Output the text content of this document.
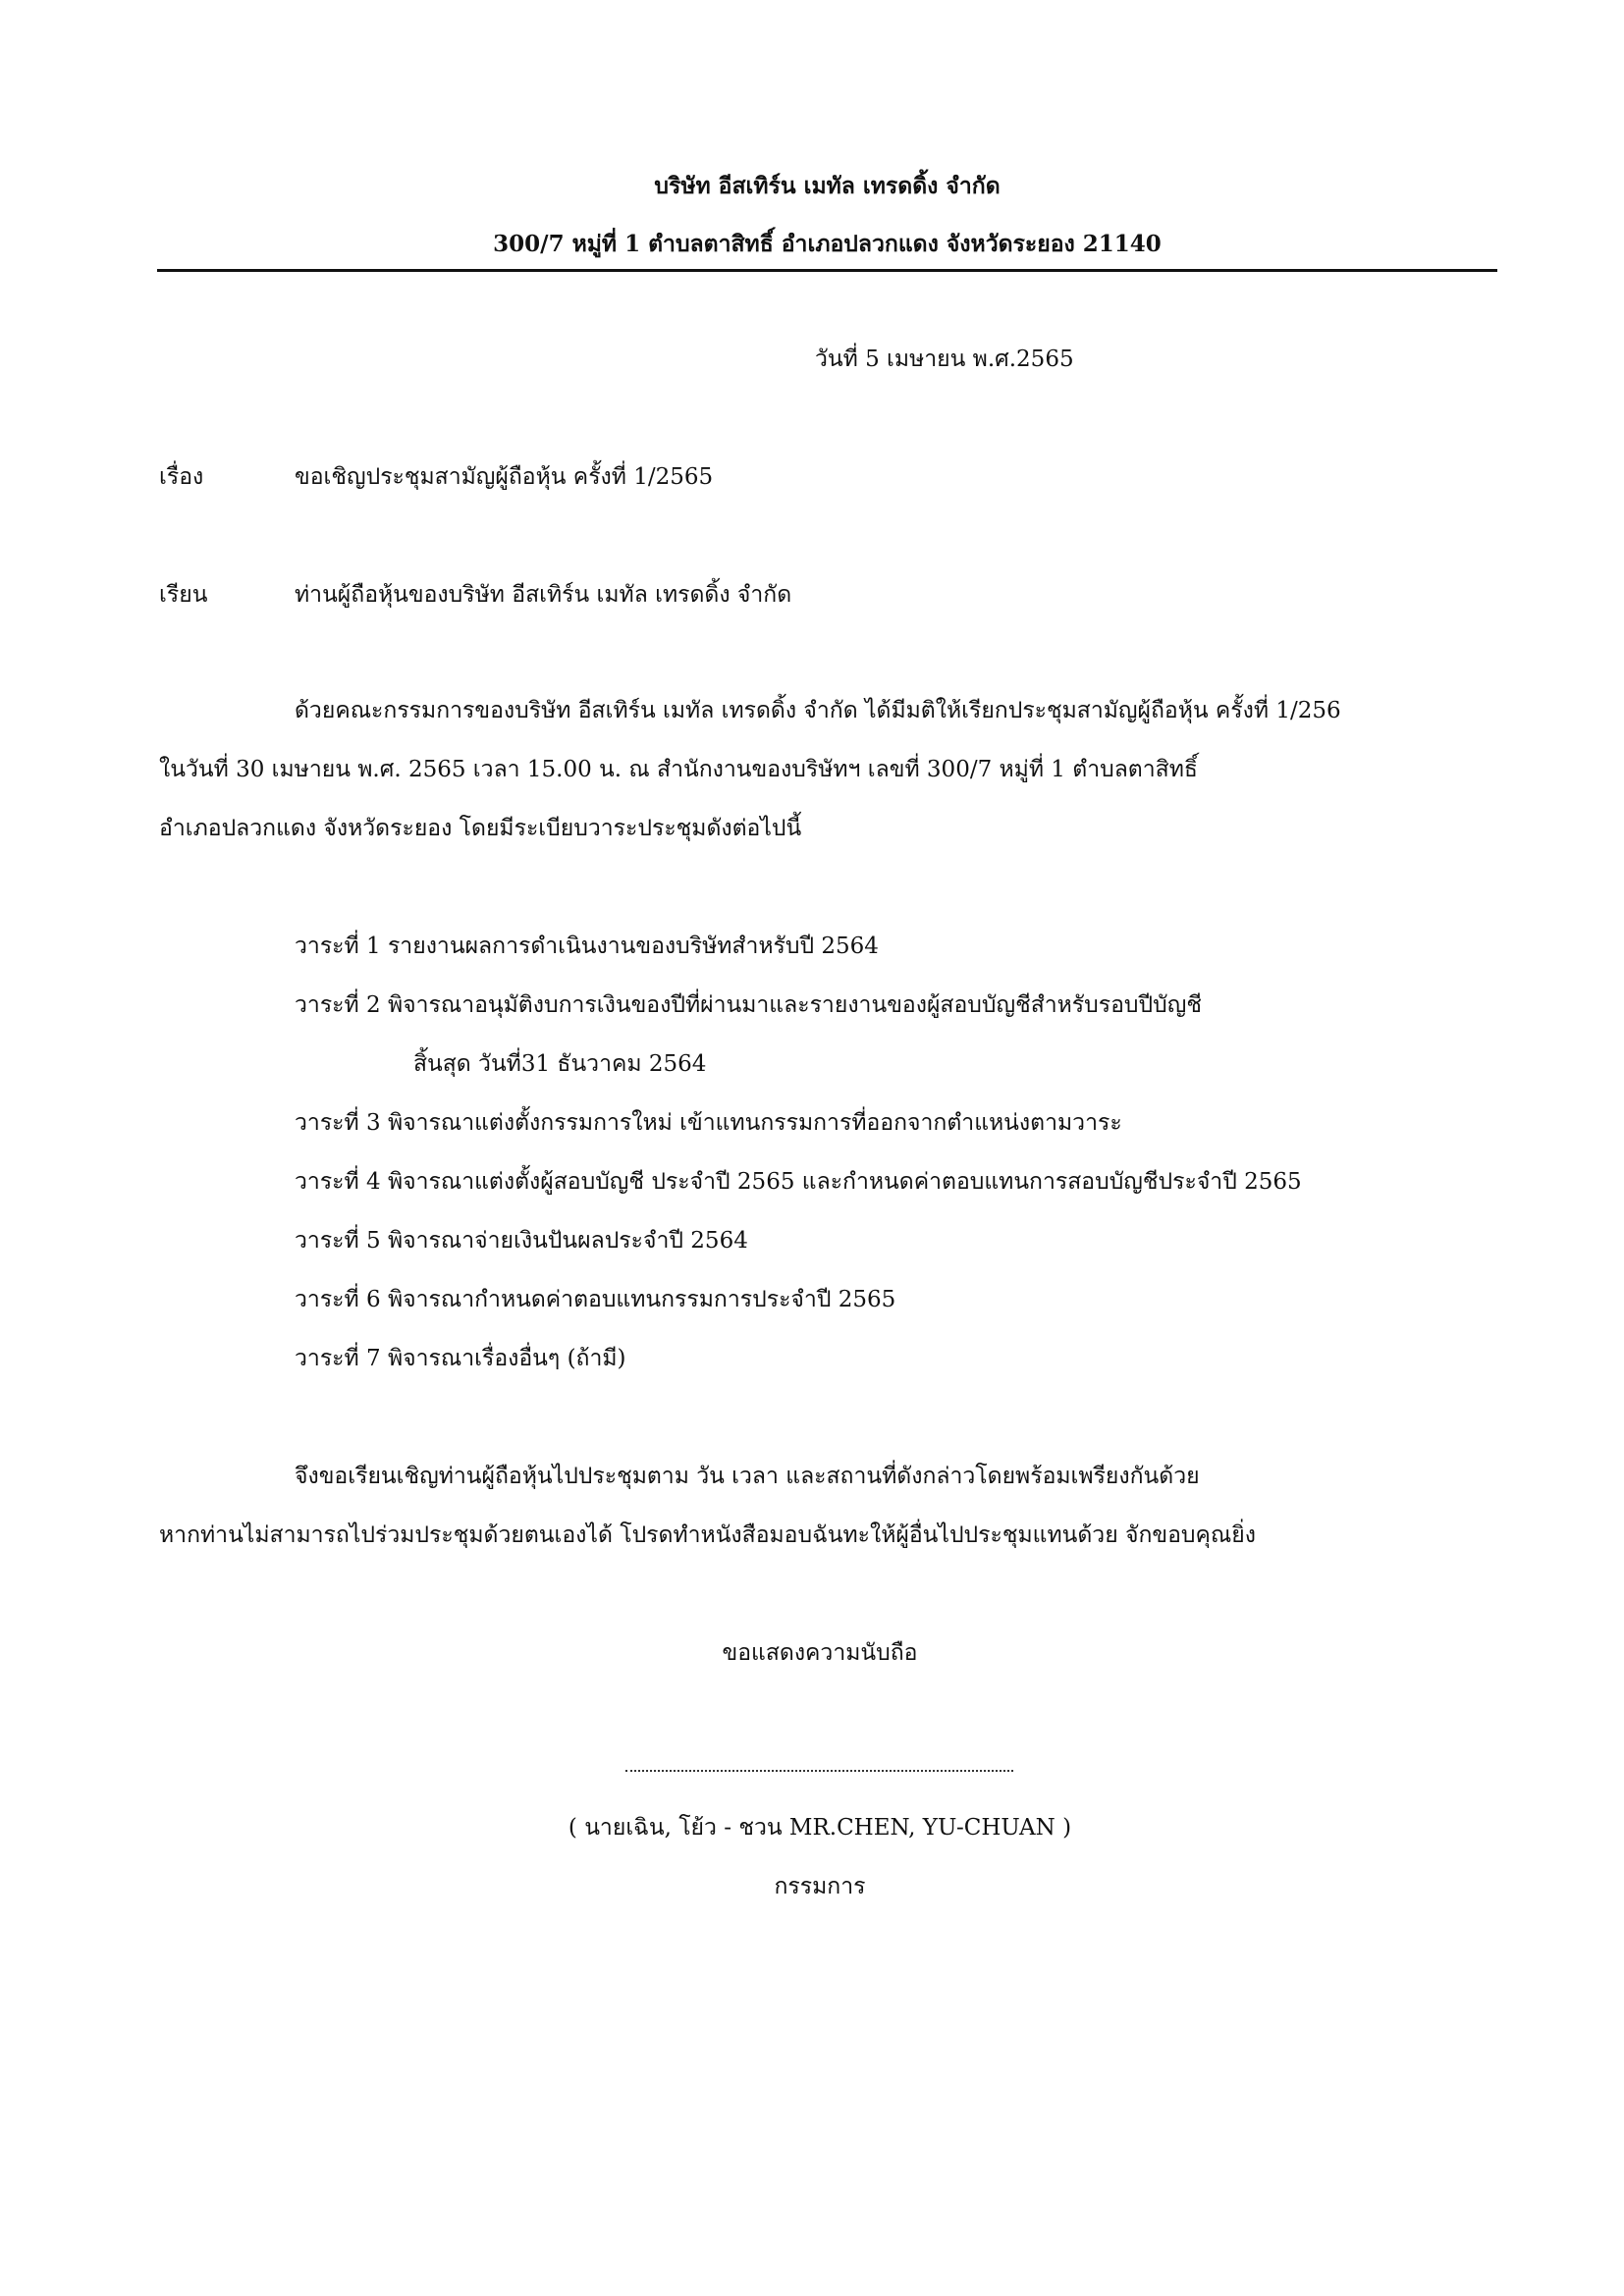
บริษัท อีสเทิร์น เมทัล เทรดดิ้ง จำกัด
300/7 หมู่ที่ 1 ตำบลตาสิทธิ์ อำเภอปลวกแดง จังหวัดระยอง 21140
วันที่ 5 เมษายน พ.ศ.2565
เรื่อง	ขอเชิญประชุมสามัญผู้ถือหุ้น ครั้งที่ 1/2565
เรียน	ท่านผู้ถือหุ้นของบริษัท อีสเทิร์น เมทัล เทรดดิ้ง จำกัด
ด้วยคณะกรรมการของบริษัท อีสเทิร์น เมทัล เทรดดิ้ง จำกัด ได้มีมติให้เรียกประชุมสามัญผู้ถือหุ้น ครั้งที่ 1/256
ในวันที่ 30 เมษายน พ.ศ. 2565 เวลา 15.00 น. ณ สำนักงานของบริษัทฯ เลขที่ 300/7 หมู่ที่ 1 ตำบลตาสิทธิ์
อำเภอปลวกแดง จังหวัดระยอง โดยมีระเบียบวาระประชุมดังต่อไปนี้
วาระที่ 1 รายงานผลการดำเนินงานของบริษัทสำหรับปี 2564
วาระที่ 2 พิจารณาอนุมัติงบการเงินของปีที่ผ่านมาและรายงานของผู้สอบบัญชีสำหรับรอบปีบัญชี
สิ้นสุด วันที่31 ธันวาคม 2564
วาระที่ 3 พิจารณาแต่งตั้งกรรมการใหม่ เข้าแทนกรรมการที่ออกจากตำแหน่งตามวาระ
วาระที่ 4 พิจารณาแต่งตั้งผู้สอบบัญชี ประจำปี 2565 และกำหนดค่าตอบแทนการสอบบัญชีประจำปี 2565
วาระที่ 5 พิจารณาจ่ายเงินปันผลประจำปี 2564
วาระที่ 6 พิจารณากำหนดค่าตอบแทนกรรมการประจำปี 2565
วาระที่ 7 พิจารณาเรื่องอื่นๆ (ถ้ามี)
จึงขอเรียนเชิญท่านผู้ถือหุ้นไปประชุมตาม วัน เวลา และสถานที่ดังกล่าวโดยพร้อมเพรียงกันด้วย
หากท่านไม่สามารถไปร่วมประชุมด้วยตนเองได้ โปรดทำหนังสือมอบฉันทะให้ผู้อื่นไปประชุมแทนด้วย จักขอบคุณยิ่ง
ขอแสดงความนับถือ
( นายเฉิน, โย้ว - ชวน MR.CHEN, YU-CHUAN )
กรรมการ
